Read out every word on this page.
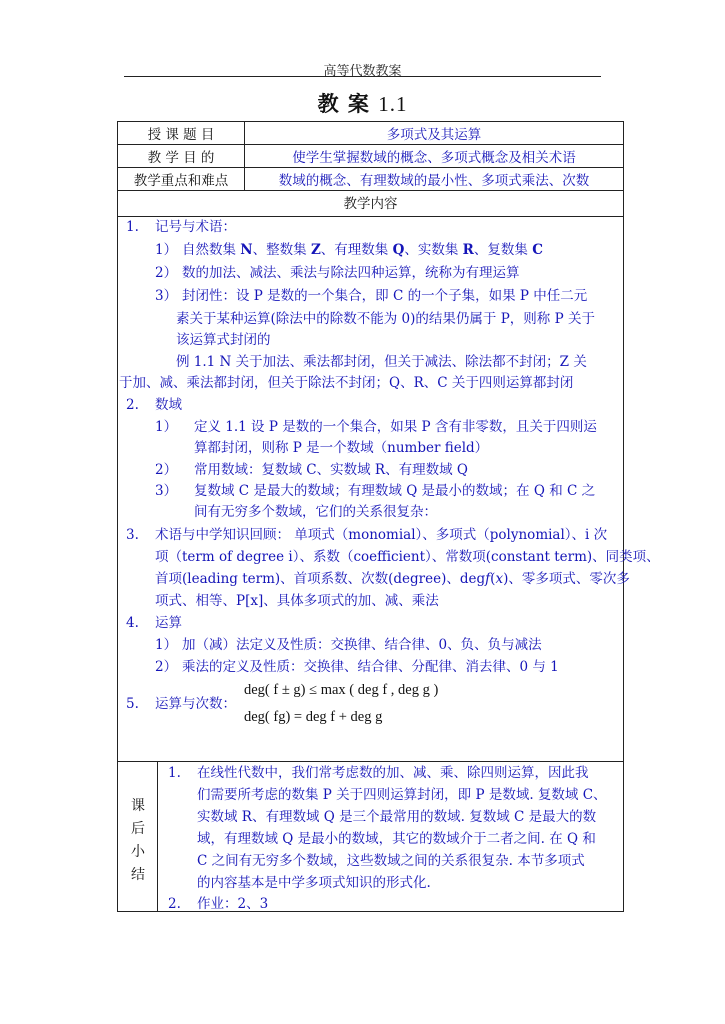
高等代数教案
教 案 1.1
授 课 题 目	多项式及其运算
教 学 目 的	使学生掌握数域的概念、多项式概念及相关术语
教学重点和难点	数域的概念、有理数域的最小性、多项式乘法、次数
教学内容
1. 记号与术语：
1） 自然数集 N、整数集 Z、有理数集 Q、实数集 R、复数集 C
2） 数的加法、减法、乘法与除法四种运算，统称为有理运算
3） 封闭性：设 P 是数的一个集合，即 C 的一个子集，如果 P 中任二元
素关于某种运算(除法中的除数不能为 0)的结果仍属于 P，则称 P 关于
该运算式封闭的
例 1.1 N 关于加法、乘法都封闭，但关于减法、除法都不封闭；Z 关
于加、减、乘法都封闭，但关于除法不封闭；Q、R、C 关于四则运算都封闭
2. 数域
1） 定义 1.1 设 P 是数的一个集合，如果 P 含有非零数，且关于四则运
算都封闭，则称 P 是一个数域（number field）
2） 常用数域：复数域 C、实数域 R、有理数域 Q
3） 复数域 C 是最大的数域；有理数域 Q 是最小的数域；在 Q 和 C 之
间有无穷多个数域，它们的关系很复杂：
3. 术语与中学知识回顾： 单项式（monomial）、多项式（polynomial）、i 次
项（term of degree i）、系数（coefficient）、常数项(constant term)、同类项、
首项(leading term)、首项系数、次数(degree)、degf(x)、零多项式、零次多
项式、相等、P[x]、具体多项式的加、减、乘法
4. 运算
1） 加（减）法定义及性质：交换律、结合律、0、负、负与减法
2） 乘法的定义及性质：交换律、结合律、分配律、消去律、0 与 1
5. 运算与次数：
deg( f ± g) ≤ max ( deg f , deg g )
deg( fg) = deg f + deg g
课
后
小
结
1. 在线性代数中，我们常考虑数的加、减、乘、除四则运算，因此我
们需要所考虑的数集 P 关于四则运算封闭，即 P 是数域. 复数域 C、
实数域 R、有理数域 Q 是三个最常用的数域. 复数域 C 是最大的数
域，有理数域 Q 是最小的数域，其它的数域介于二者之间. 在 Q 和
C 之间有无穷多个数域，这些数域之间的关系很复杂. 本节多项式
的内容基本是中学多项式知识的形式化.
2. 作业：2、3
